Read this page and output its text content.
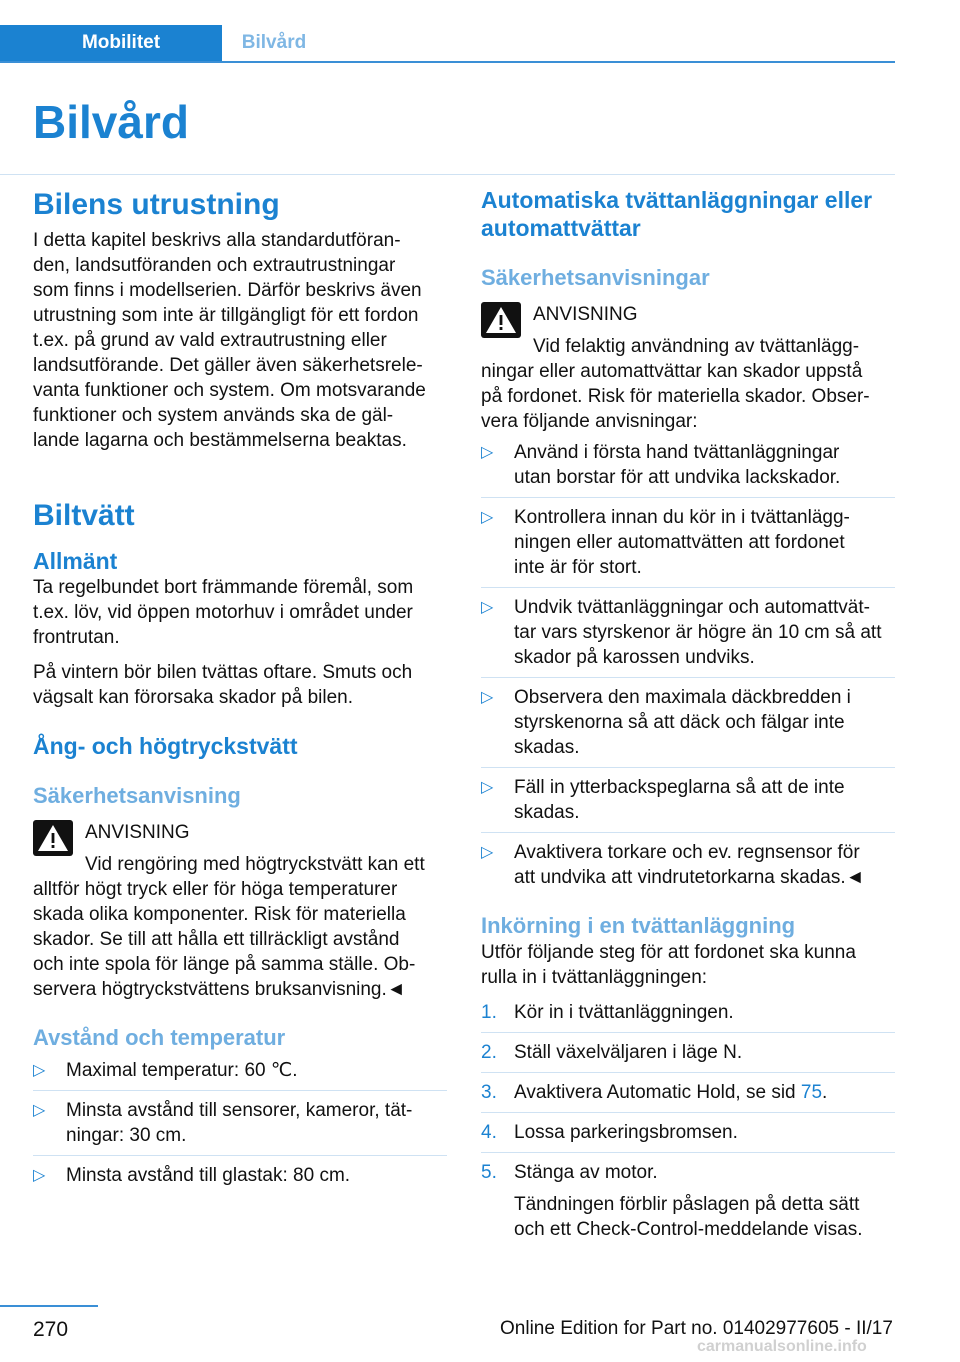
Mobilitet	Bilvård
Bilvård
Bilens utrustning

I detta kapitel beskrivs alla standardutföran-

den, landsutföranden och extrautrustningar

som finns i modellserien. Därför beskrivs även

utrustning som inte är tillgängligt för ett fordon

t.ex. på grund av vald extrautrustning eller

landsutförande. Det gäller även säkerhetsrele-

vanta funktioner och system. Om motsvarande

funktioner och system används ska de gäl-

lande lagarna och bestämmelserna beaktas.

Biltvätt
Allmänt

Ta regelbundet bort främmande föremål, som

t.ex. löv, vid öppen motorhuv i området under

frontrutan.

På vintern bör bilen tvättas oftare. Smuts och

vägsalt kan förorsaka skador på bilen.

Ång- och högtryckstvätt
Säkerhetsanvisning
ANVISNING

Vid rengöring med högtryckstvätt kan ett

alltför högt tryck eller för höga temperaturer

skada olika komponenter. Risk för materiella

skador. Se till att hålla ett tillräckligt avstånd

och inte spola för länge på samma ställe. Ob-

servera högtryckstvättens bruksanvisning.◄

Avstånd och temperatur
▷ Maximal temperatur: 60 ℃.
▷ Minsta avstånd till sensorer, kameror, tät-
ningar: 30 cm.
▷ Minsta avstånd till glastak: 80 cm.
Automatiska tvättanläggningar eller
automattvättar
Säkerhetsanvisningar
ANVISNING

Vid felaktig användning av tvättanlägg-

ningar eller automattvättar kan skador uppstå

på fordonet. Risk för materiella skador. Obser-

vera följande anvisningar:

▷ Använd i första hand tvättanläggningar
utan borstar för att undvika lackskador.
▷ Kontrollera innan du kör in i tvättanlägg-
ningen eller automattvätten att fordonet
inte är för stort.
▷ Undvik tvättanläggningar och automattvät-
tar vars styrskenor är högre än 10 cm så att
skador på karossen undviks.
▷ Observera den maximala däckbredden i
styrskenorna så att däck och fälgar inte
skadas.
▷ Fäll in ytterbackspeglarna så att de inte
skadas.
▷ Avaktivera torkare och ev. regnsensor för
att undvika att vindrutetorkarna skadas.◄
Inkörning i en tvättanläggning

Utför följande steg för att fordonet ska kunna

rulla in i tvättanläggningen:

1. Kör in i tvättanläggningen.
2. Ställ växelväljaren i läge N.
3. Avaktivera Automatic Hold, se sid 75.
4. Lossa parkeringsbromsen.
5. Stänga av motor.
Tändningen förblir påslagen på detta sätt
och ett Check-Control-meddelande visas.
270	Online Edition for Part no. 01402977605 - II/17
carmanualsonline.info
